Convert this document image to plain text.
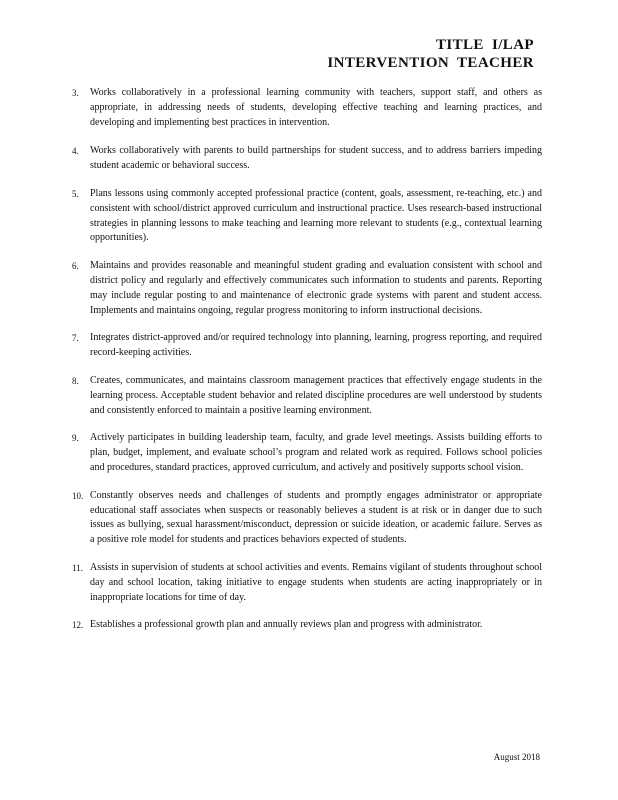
TITLE I/LAP
INTERVENTION TEACHER
3. Works collaboratively in a professional learning community with teachers, support staff, and others as appropriate, in addressing needs of students, developing effective teaching and learning practices, and developing and implementing best practices in intervention.
4. Works collaboratively with parents to build partnerships for student success, and to address barriers impeding student academic or behavioral success.
5. Plans lessons using commonly accepted professional practice (content, goals, assessment, re-teaching, etc.) and consistent with school/district approved curriculum and instructional practice. Uses research-based instructional strategies in planning lessons to make teaching and learning more relevant to students (e.g., contextual learning opportunities).
6. Maintains and provides reasonable and meaningful student grading and evaluation consistent with school and district policy and regularly and effectively communicates such information to students and parents. Reporting may include regular posting to and maintenance of electronic grade systems with parent and student access. Implements and maintains ongoing, regular progress monitoring to inform instructional decisions.
7. Integrates district-approved and/or required technology into planning, learning, progress reporting, and required record-keeping activities.
8. Creates, communicates, and maintains classroom management practices that effectively engage students in the learning process. Acceptable student behavior and related discipline procedures are well understood by students and consistently enforced to maintain a positive learning environment.
9. Actively participates in building leadership team, faculty, and grade level meetings. Assists building efforts to plan, budget, implement, and evaluate school’s program and related work as required. Follows school policies and procedures, standard practices, approved curriculum, and actively and positively supports school vision.
10. Constantly observes needs and challenges of students and promptly engages administrator or appropriate educational staff associates when suspects or reasonably believes a student is at risk or in danger due to such issues as bullying, sexual harassment/misconduct, depression or suicide ideation, or academic failure. Serves as a positive role model for students and practices behaviors expected of students.
11. Assists in supervision of students at school activities and events. Remains vigilant of students throughout school day and school location, taking initiative to engage students when students are acting inappropriately or in inappropriate locations for time of day.
12. Establishes a professional growth plan and annually reviews plan and progress with administrator.
August 2018
